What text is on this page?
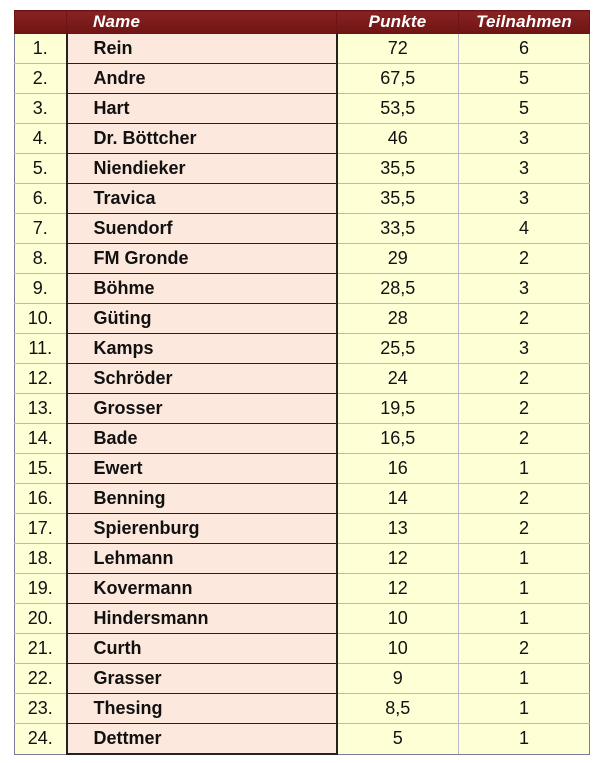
	Name	Punkte	Teilnahmen
1.	Rein	72	6
2.	Andre	67,5	5
3.	Hart	53,5	5
4.	Dr. Böttcher	46	3
5.	Niendieker	35,5	3
6.	Travica	35,5	3
7.	Suendorf	33,5	4
8.	FM Gronde	29	2
9.	Böhme	28,5	3
10.	Güting	28	2
11.	Kamps	25,5	3
12.	Schröder	24	2
13.	Grosser	19,5	2
14.	Bade	16,5	2
15.	Ewert	16	1
16.	Benning	14	2
17.	Spierenburg	13	2
18.	Lehmann	12	1
19.	Kovermann	12	1
20.	Hindersmann	10	1
21.	Curth	10	2
22.	Grasser	9	1
23.	Thesing	8,5	1
24.	Dettmer	5	1
